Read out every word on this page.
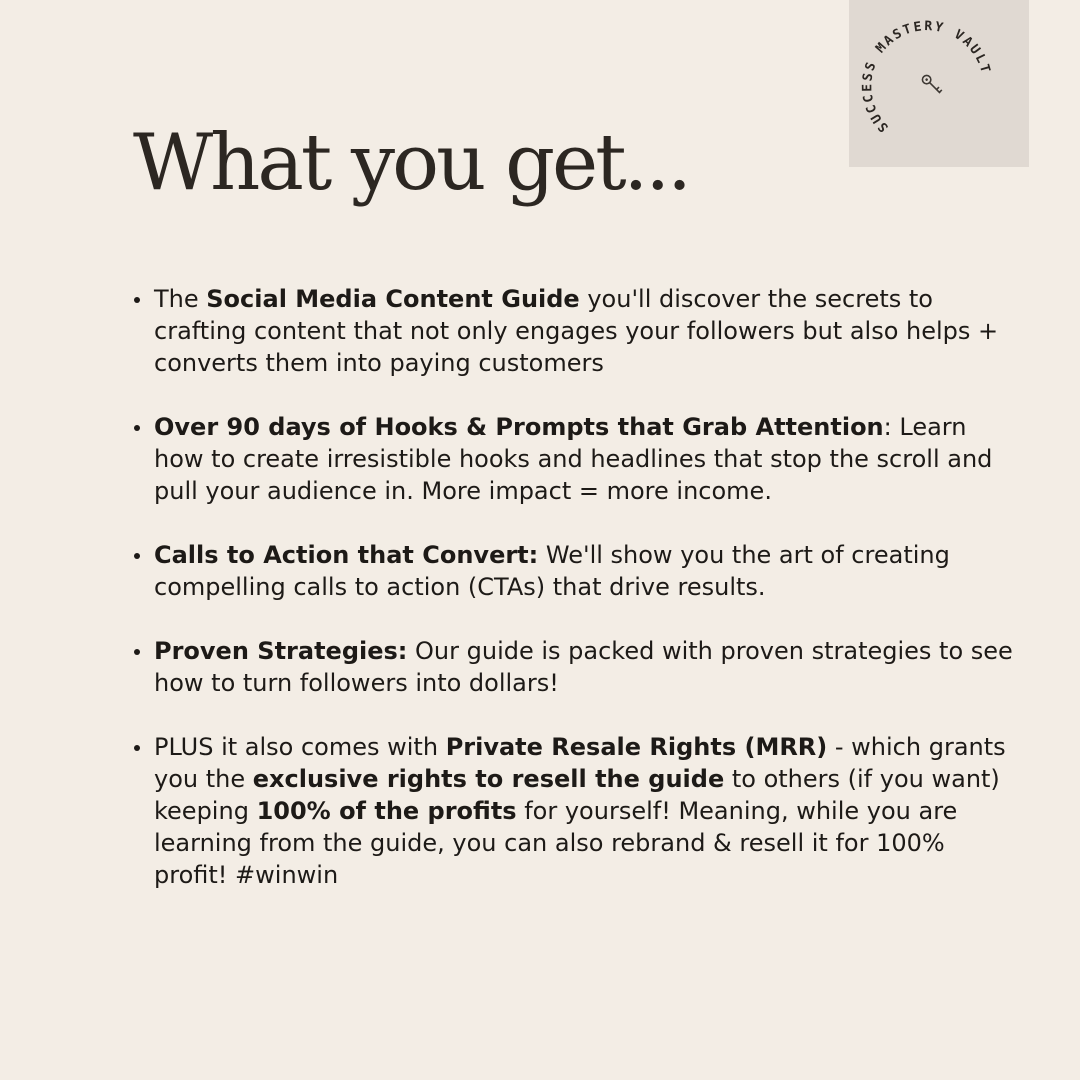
SUCCESS MASTERY VAULT
What you get...
The Social Media Content Guide you'll discover the secrets to crafting content that not only engages your followers but also helps + converts them into paying customers
Over 90 days of Hooks & Prompts that Grab Attention: Learn how to create irresistible hooks and headlines that stop the scroll and pull your audience in. More impact = more income.
Calls to Action that Convert: We'll show you the art of creating compelling calls to action (CTAs) that drive results.
Proven Strategies: Our guide is packed with proven strategies to see how to turn followers into dollars!
PLUS it also comes with Private Resale Rights (MRR) - which grants you the exclusive rights to resell the guide to others (if you want) keeping 100% of the profits for yourself! Meaning, while you are learning from the guide, you can also rebrand & resell it for 100% profit! #winwin
